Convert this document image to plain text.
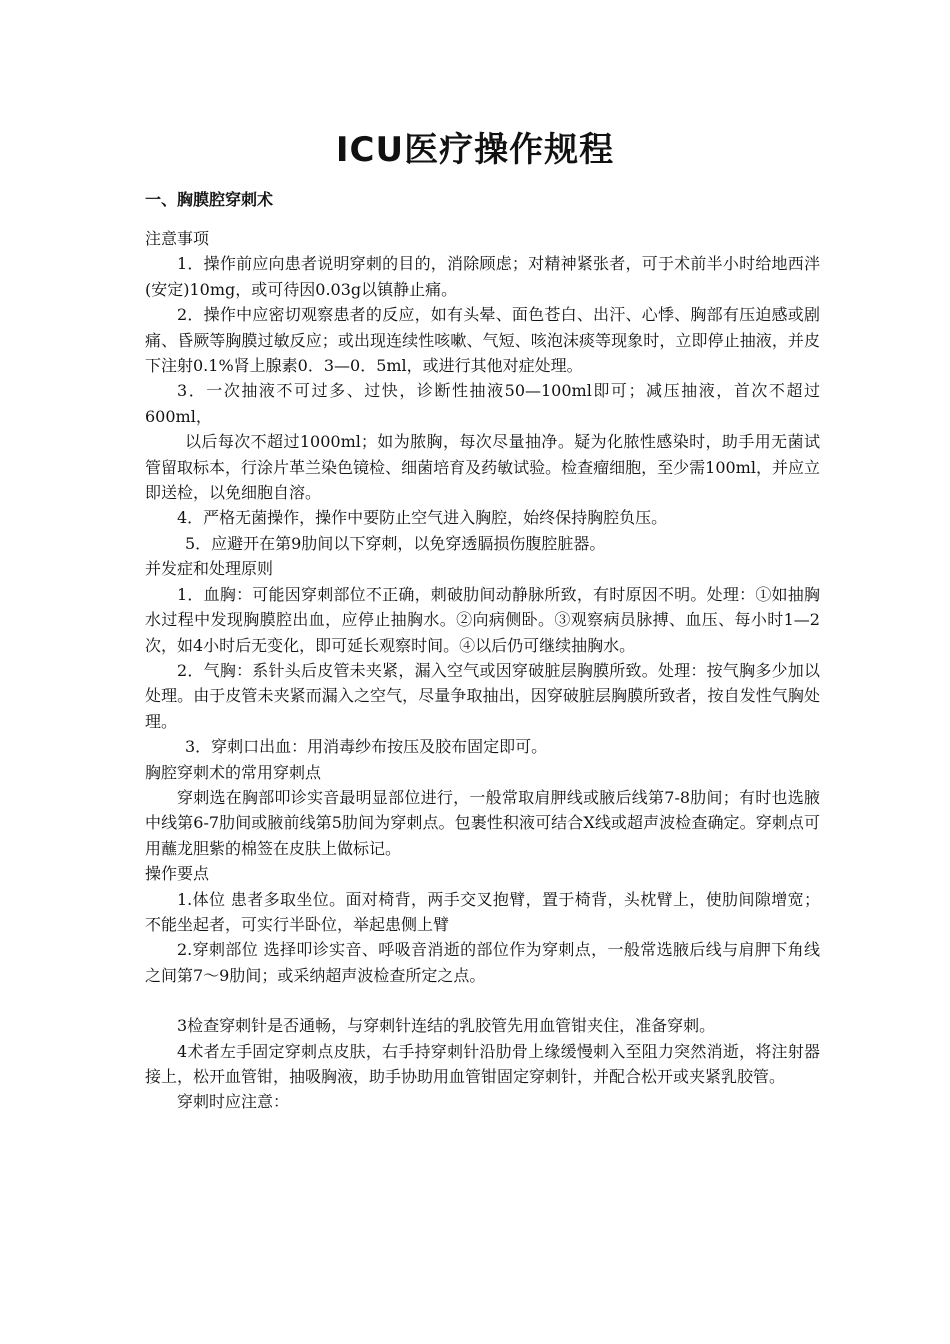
ICU医疗操作规程
一、胸膜腔穿刺术

注意事项

1．操作前应向患者说明穿刺的目的，消除顾虑；对精神紧张者，可于术前半小时给地西泮(安定)10mg，或可待因0.03g以镇静止痛。

2．操作中应密切观察患者的反应，如有头晕、面色苍白、出汗、心悸、胸部有压迫感或剧痛、昏厥等胸膜过敏反应；或出现连续性咳嗽、气短、咳泡沫痰等现象时，立即停止抽液，并皮下注射0.1%肾上腺素0．3—0．5ml，或进行其他对症处理。

3．一次抽液不可过多、过快，诊断性抽液50—100ml即可；减压抽液，首次不超过600ml，

以后每次不超过1000ml；如为脓胸，每次尽量抽净。疑为化脓性感染时，助手用无菌试管留取标本，行涂片革兰染色镜检、细菌培育及药敏试验。检查瘤细胞，至少需100ml，并应立即送检，以免细胞自溶。

4．严格无菌操作，操作中要防止空气进入胸腔，始终保持胸腔负压。

5．应避开在第9肋间以下穿刺，以免穿透膈损伤腹腔脏器。

并发症和处理原则

1．血胸：可能因穿刺部位不正确，刺破肋间动静脉所致，有时原因不明。处理：①如抽胸水过程中发现胸膜腔出血，应停止抽胸水。②向病侧卧。③观察病员脉搏、血压、每小时1—2次，如4小时后无变化，即可延长观察时间。④以后仍可继续抽胸水。

2．气胸：系针头后皮管未夹紧，漏入空气或因穿破脏层胸膜所致。处理：按气胸多少加以处理。由于皮管未夹紧而漏入之空气，尽量争取抽出，因穿破脏层胸膜所致者，按自发性气胸处理。

3．穿刺口出血：用消毒纱布按压及胶布固定即可。

胸腔穿刺术的常用穿刺点

穿刺选在胸部叩诊实音最明显部位进行，一般常取肩胛线或腋后线第7-8肋间；有时也选腋中线第6-7肋间或腋前线第5肋间为穿刺点。包裹性积液可结合X线或超声波检查确定。穿刺点可用蘸龙胆紫的棉签在皮肤上做标记。

操作要点

1.体位 患者多取坐位。面对椅背，两手交叉抱臂，置于椅背，头枕臂上，使肋间隙增宽；不能坐起者，可实行半卧位，举起患侧上臂

2.穿刺部位 选择叩诊实音、呼吸音消逝的部位作为穿刺点，一般常选腋后线与肩胛下角线之间第7～9肋间；或采纳超声波检查所定之点。

3检查穿刺针是否通畅，与穿刺针连结的乳胶管先用血管钳夹住，准备穿刺。

4术者左手固定穿刺点皮肤，右手持穿刺针沿肋骨上缘缓慢刺入至阻力突然消逝，将注射器接上，松开血管钳，抽吸胸液，助手协助用血管钳固定穿刺针，并配合松开或夹紧乳胶管。

穿刺时应注意：
